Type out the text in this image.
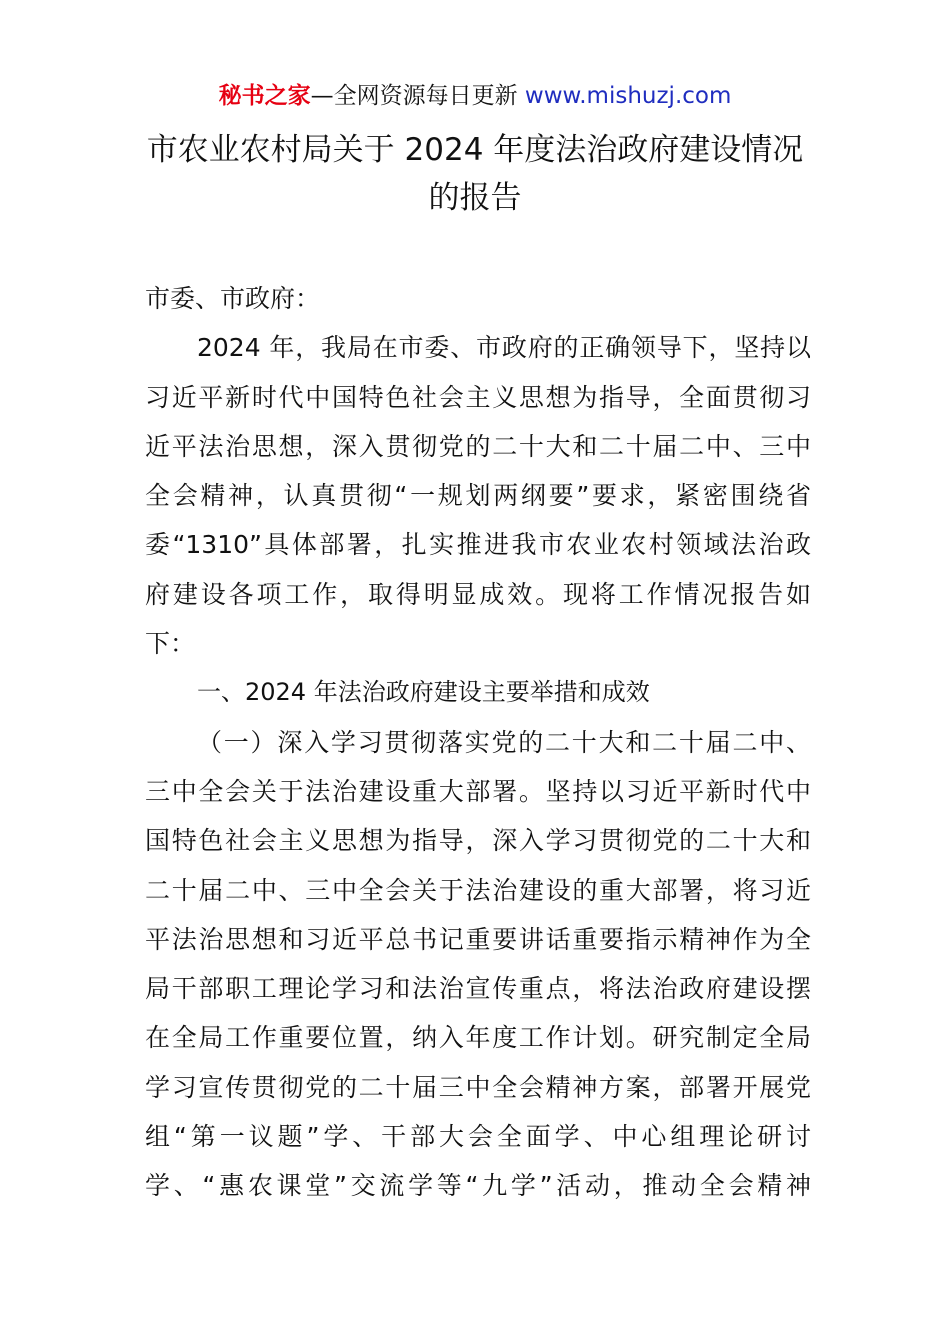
秘书之家—全网资源每日更新 www.mishuzj.com
市农业农村局关于 2024 年度法治政府建设情况
的报告
市委、市政府：
2024 年，我局在市委、市政府的正确领导下，坚持以
习近平新时代中国特色社会主义思想为指导，全面贯彻习
近平法治思想，深入贯彻党的二十大和二十届二中、三中
全会精神，认真贯彻“一规划两纲要”要求，紧密围绕省
委“1310”具体部署，扎实推进我市农业农村领域法治政
府建设各项工作，取得明显成效。现将工作情况报告如
下：
一、2024 年法治政府建设主要举措和成效
（一）深入学习贯彻落实党的二十大和二十届二中、
三中全会关于法治建设重大部署。坚持以习近平新时代中
国特色社会主义思想为指导，深入学习贯彻党的二十大和
二十届二中、三中全会关于法治建设的重大部署，将习近
平法治思想和习近平总书记重要讲话重要指示精神作为全
局干部职工理论学习和法治宣传重点，将法治政府建设摆
在全局工作重要位置，纳入年度工作计划。研究制定全局
学习宣传贯彻党的二十届三中全会精神方案，部署开展党
组“第一议题”学、干部大会全面学、中心组理论研讨
学、“惠农课堂”交流学等“九学”活动，推动全会精神
